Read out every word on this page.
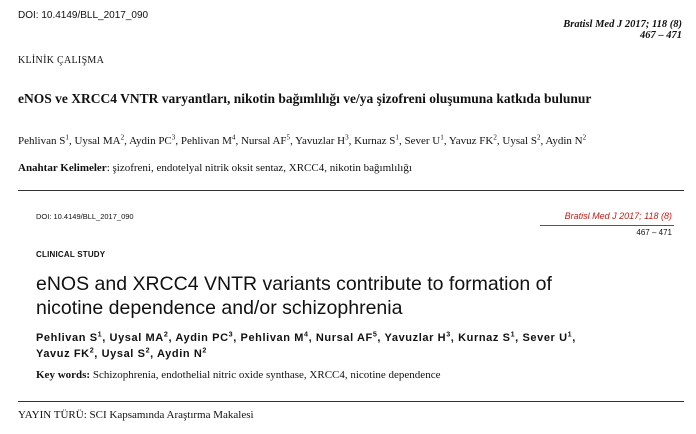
DOI: 10.4149/BLL_2017_090
Bratisl Med J 2017; 118 (8)
467 – 471
KLİNİK ÇALIŞMA
eNOS ve XRCC4 VNTR varyantları, nikotin bağımlılığı ve/ya şizofreni oluşumuna katkıda bulunur
Pehlivan $S^1$, Uysal $MA^2$, Aydin $PC^3$, Pehlivan $M^4$, Nursal $AF^5$, Yavuzlar $H^3$, Kurnaz $S^1$, Sever $U^1$, Yavuz $FK^2$, Uysal $S^2$, Aydin $N^2$
Anahtar Kelimeler: şizofreni, endotelyal nitrik oksit sentaz, XRCC4, nikotin bağımlılığı
DOI: 10.4149/BLL_2017_090	Bratisl Med J 2017; 118 (8)
467 – 471
CLINICAL STUDY
eNOS and XRCC4 VNTR variants contribute to formation of
nicotine dependence and/or schizophrenia
Pehlivan $S^1$, Uysal $MA^2$, Aydin $PC^3$, Pehlivan $M^4$, Nursal $AF^5$, Yavuzlar $H^3$, Kurnaz $S^1$, Sever $U^1$,
Yavuz $FK^2$, Uysal $S^2$, Aydin $N^2$
Key words: Schizophrenia, endothelial nitric oxide synthase, XRCC4, nicotine dependence
YAYIN TÜRÜ: SCI Kapsamında Araştırma Makalesi
